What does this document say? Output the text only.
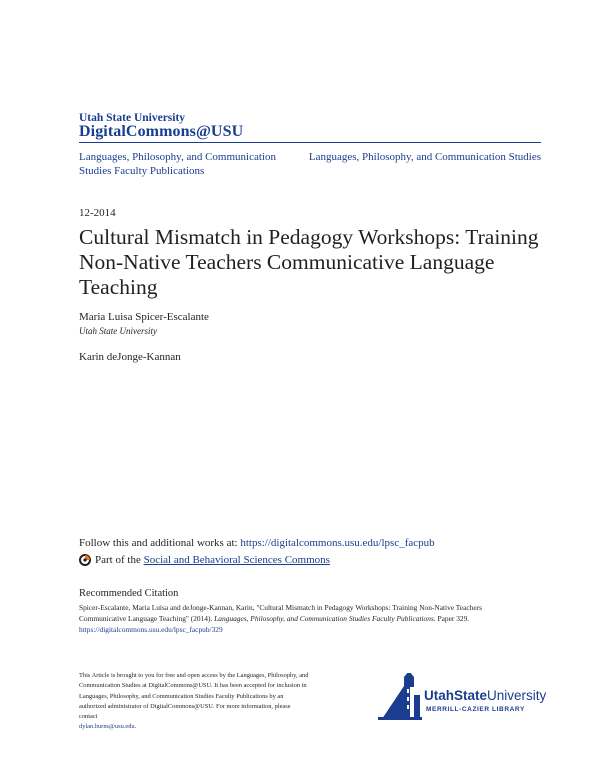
Utah State University
DigitalCommons@USU
Languages, Philosophy, and Communication Studies Faculty Publications
Languages, Philosophy, and Communication Studies
12-2014
Cultural Mismatch in Pedagogy Workshops: Training Non-Native Teachers Communicative Language Teaching
Maria Luisa Spicer-Escalante
Utah State University
Karin deJonge-Kannan
Follow this and additional works at: https://digitalcommons.usu.edu/lpsc_facpub
Part of the
Social and Behavioral Sciences Commons
Recommended Citation
Spicer-Escalante, Maria Luisa and deJonge-Kannan, Karin, "Cultural Mismatch in Pedagogy Workshops: Training Non-Native Teachers Communicative Language Teaching" (2014). Languages, Philosophy, and Communication Studies Faculty Publications. Paper 329.
https://digitalcommons.usu.edu/lpsc_facpub/329
This Article is brought to you for free and open access by the Languages, Philosophy, and Communication Studies at DigitalCommons@USU. It has been accepted for inclusion in Languages, Philosophy, and Communication Studies Faculty Publications by an authorized administrator of DigitalCommons@USU. For more information, please contact
dylan.burns@usu.edu.
UtahState University
MERRILL-CAZIER LIBRARY
